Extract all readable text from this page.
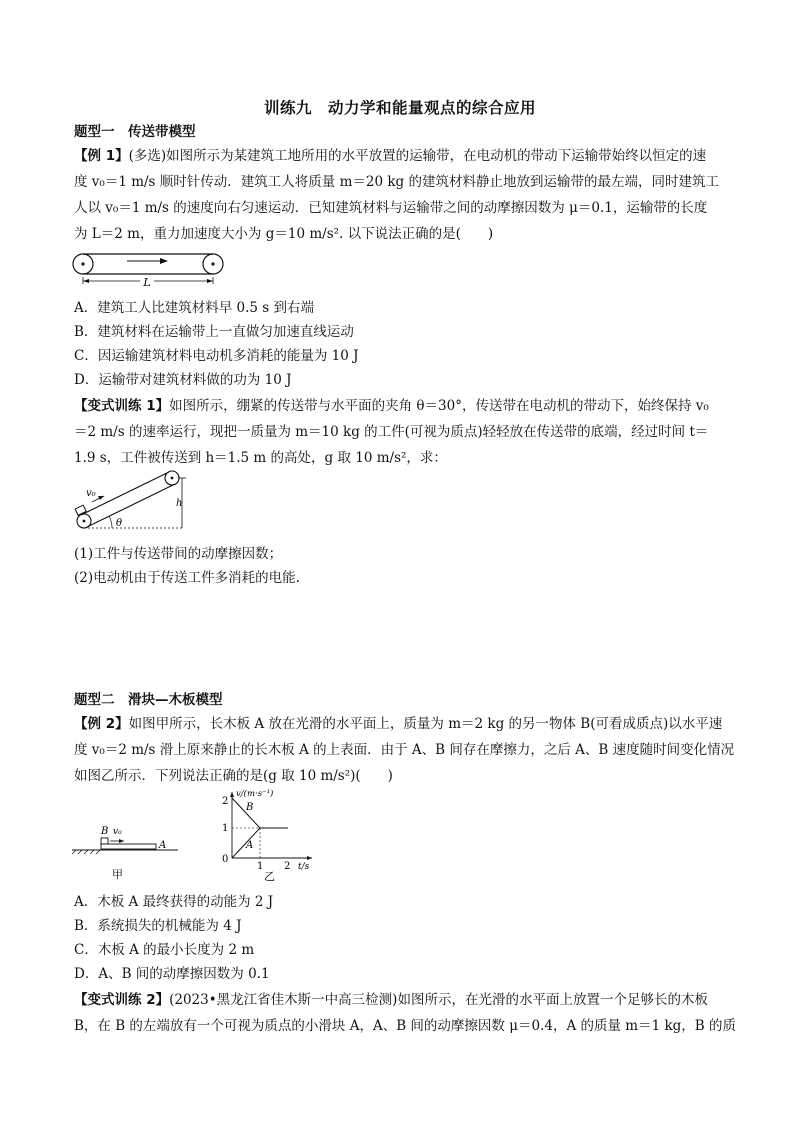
训练九　动力学和能量观点的综合应用
题型一　传送带模型
【例 1】(多选)如图所示为某建筑工地所用的水平放置的运输带，在电动机的带动下运输带始终以恒定的速
度 v₀＝1 m/s 顺时针传动．建筑工人将质量 m＝20 kg 的建筑材料静止地放到运输带的最左端，同时建筑工
人以 v₀＝1 m/s 的速度向右匀速运动．已知建筑材料与运输带之间的动摩擦因数为 μ＝0.1，运输带的长度
为 L＝2 m，重力加速度大小为 g＝10 m/s². 以下说法正确的是(　　)
L
A．建筑工人比建筑材料早 0.5 s 到右端
B．建筑材料在运输带上一直做匀加速直线运动
C．因运输建筑材料电动机多消耗的能量为 10 J
D．运输带对建筑材料做的功为 10 J
【变式训练 1】如图所示，绷紧的传送带与水平面的夹角 θ＝30°，传送带在电动机的带动下，始终保持 v₀
＝2 m/s 的速率运行，现把一质量为 m＝10 kg 的工件(可视为质点)轻轻放在传送带的底端，经过时间 t＝
1.9 s，工件被传送到 h＝1.5 m 的高处，g 取 10 m/s²，求：
v₀
h
θ
(1)工件与传送带间的动摩擦因数；
(2)电动机由于传送工件多消耗的电能.
题型二　滑块—木板模型
【例 2】如图甲所示，长木板 A 放在光滑的水平面上，质量为 m＝2 kg 的另一物体 B(可看成质点)以水平速
度 v₀＝2 m/s 滑上原来静止的长木板 A 的上表面．由于 A、B 间存在摩擦力，之后 A、B 速度随时间变化情况
如图乙所示．下列说法正确的是(g 取 10 m/s²)(　　)
B v₀
A
甲
v/(m·s⁻¹)
2
1
0
B
A
1 2 t/s
乙
A．木板 A 最终获得的动能为 2 J
B．系统损失的机械能为 4 J
C．木板 A 的最小长度为 2 m
D．A、B 间的动摩擦因数为 0.1
【变式训练 2】(2023•黑龙江省佳木斯一中高三检测)如图所示，在光滑的水平面上放置一个足够长的木板
B，在 B 的左端放有一个可视为质点的小滑块 A，A、B 间的动摩擦因数 μ＝0.4，A 的质量 m＝1 kg，B 的质
